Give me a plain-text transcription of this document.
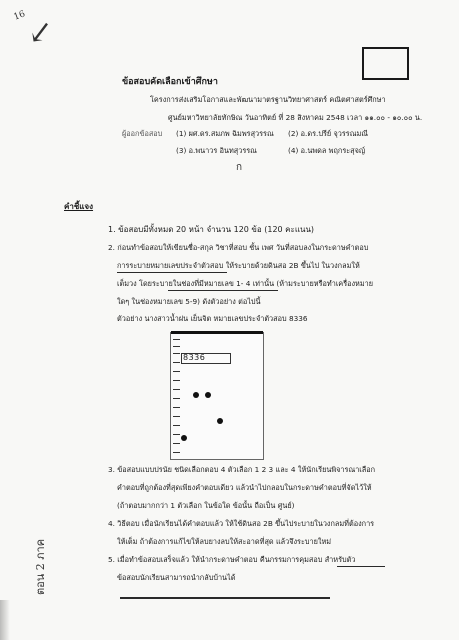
16
↙
ข้อสอบคัดเลือกเข้าศึกษา
โครงการส่งเสริมโอกาสและพัฒนามาตรฐานวิทยาศาสตร์ คณิตศาสตร์ศึกษา
ศูนย์มหาวิทยาลัยทักษิณ วันอาทิตย์ ที่ 28 สิงหาคม 2548 เวลา ๑๑.๐๐ - ๑๐.๐๐ น.
ผู้ออกข้อสอบ (1) ผศ.ดร.สมภพ ฉิมพรสุวรรณ (2) อ.ดร.ปรีย์ จุวรรณมณี
(3) อ.พนาวร อินทสุวรรณ	(4) อ.นพดล พฤกระสุจญ์
ก
คำชี้แจง
1. ข้อสอบมีทั้งหมด 20 หน้า จำนวน 120 ข้อ (120 คะแนน)
2. ก่อนทำข้อสอบให้เขียนชื่อ-สกุล วิชาที่สอบ ชั้น เพศ วันที่สอบลงในกระดาษคำตอบ
การระบายหมายเลขประจำตัวสอบ ให้ระบายด้วยดินสอ 2B ขึ้นไป ในวงกลมให้
เต็มวง โดยระบายในช่องที่มีหมายเลข 1- 4 เท่านั้น (ห้ามระบายหรือทำเครื่องหมาย
ใดๆ ในช่องหมายเลข 5-9) ดังตัวอย่าง ต่อไปนี้
ตัวอย่าง นางสาวน้ำฝน เย็นจิต หมายเลขประจำตัวสอบ 8336
8336
3. ข้อสอบแบบปรนัย ชนิดเลือกตอบ 4 ตัวเลือก 1 2 3 และ 4 ให้นักเรียนพิจารณาเลือก
คำตอบที่ถูกต้องที่สุดเพียงคำตอบเดียว แล้วนำไปกลอบในกระดาษคำตอบที่จัดไว้ให้
(ถ้าตอบมากกว่า 1 ตัวเลือก ในข้อใด ข้อนั้น ถือเป็น ศูนย์)
4. วิธีตอบ เมื่อนักเรียนได้คำตอบแล้ว ให้ใช้ดินสอ 2B ขึ้นไประบายในวงกลมที่ต้องการ
ให้เต็ม ถ้าต้องการแก้ไขให้ลบยางลบให้สะอาดที่สุด แล้วจึงระบายใหม่
5. เมื่อทำข้อสอบเสร็จแล้ว ให้นำกระดาษคำตอบ คืนกรรมการคุมสอบ สำหรับตัว
ข้อสอบนักเรียนสามารถนำกลับบ้านได้
ตอน 2 ภาค
